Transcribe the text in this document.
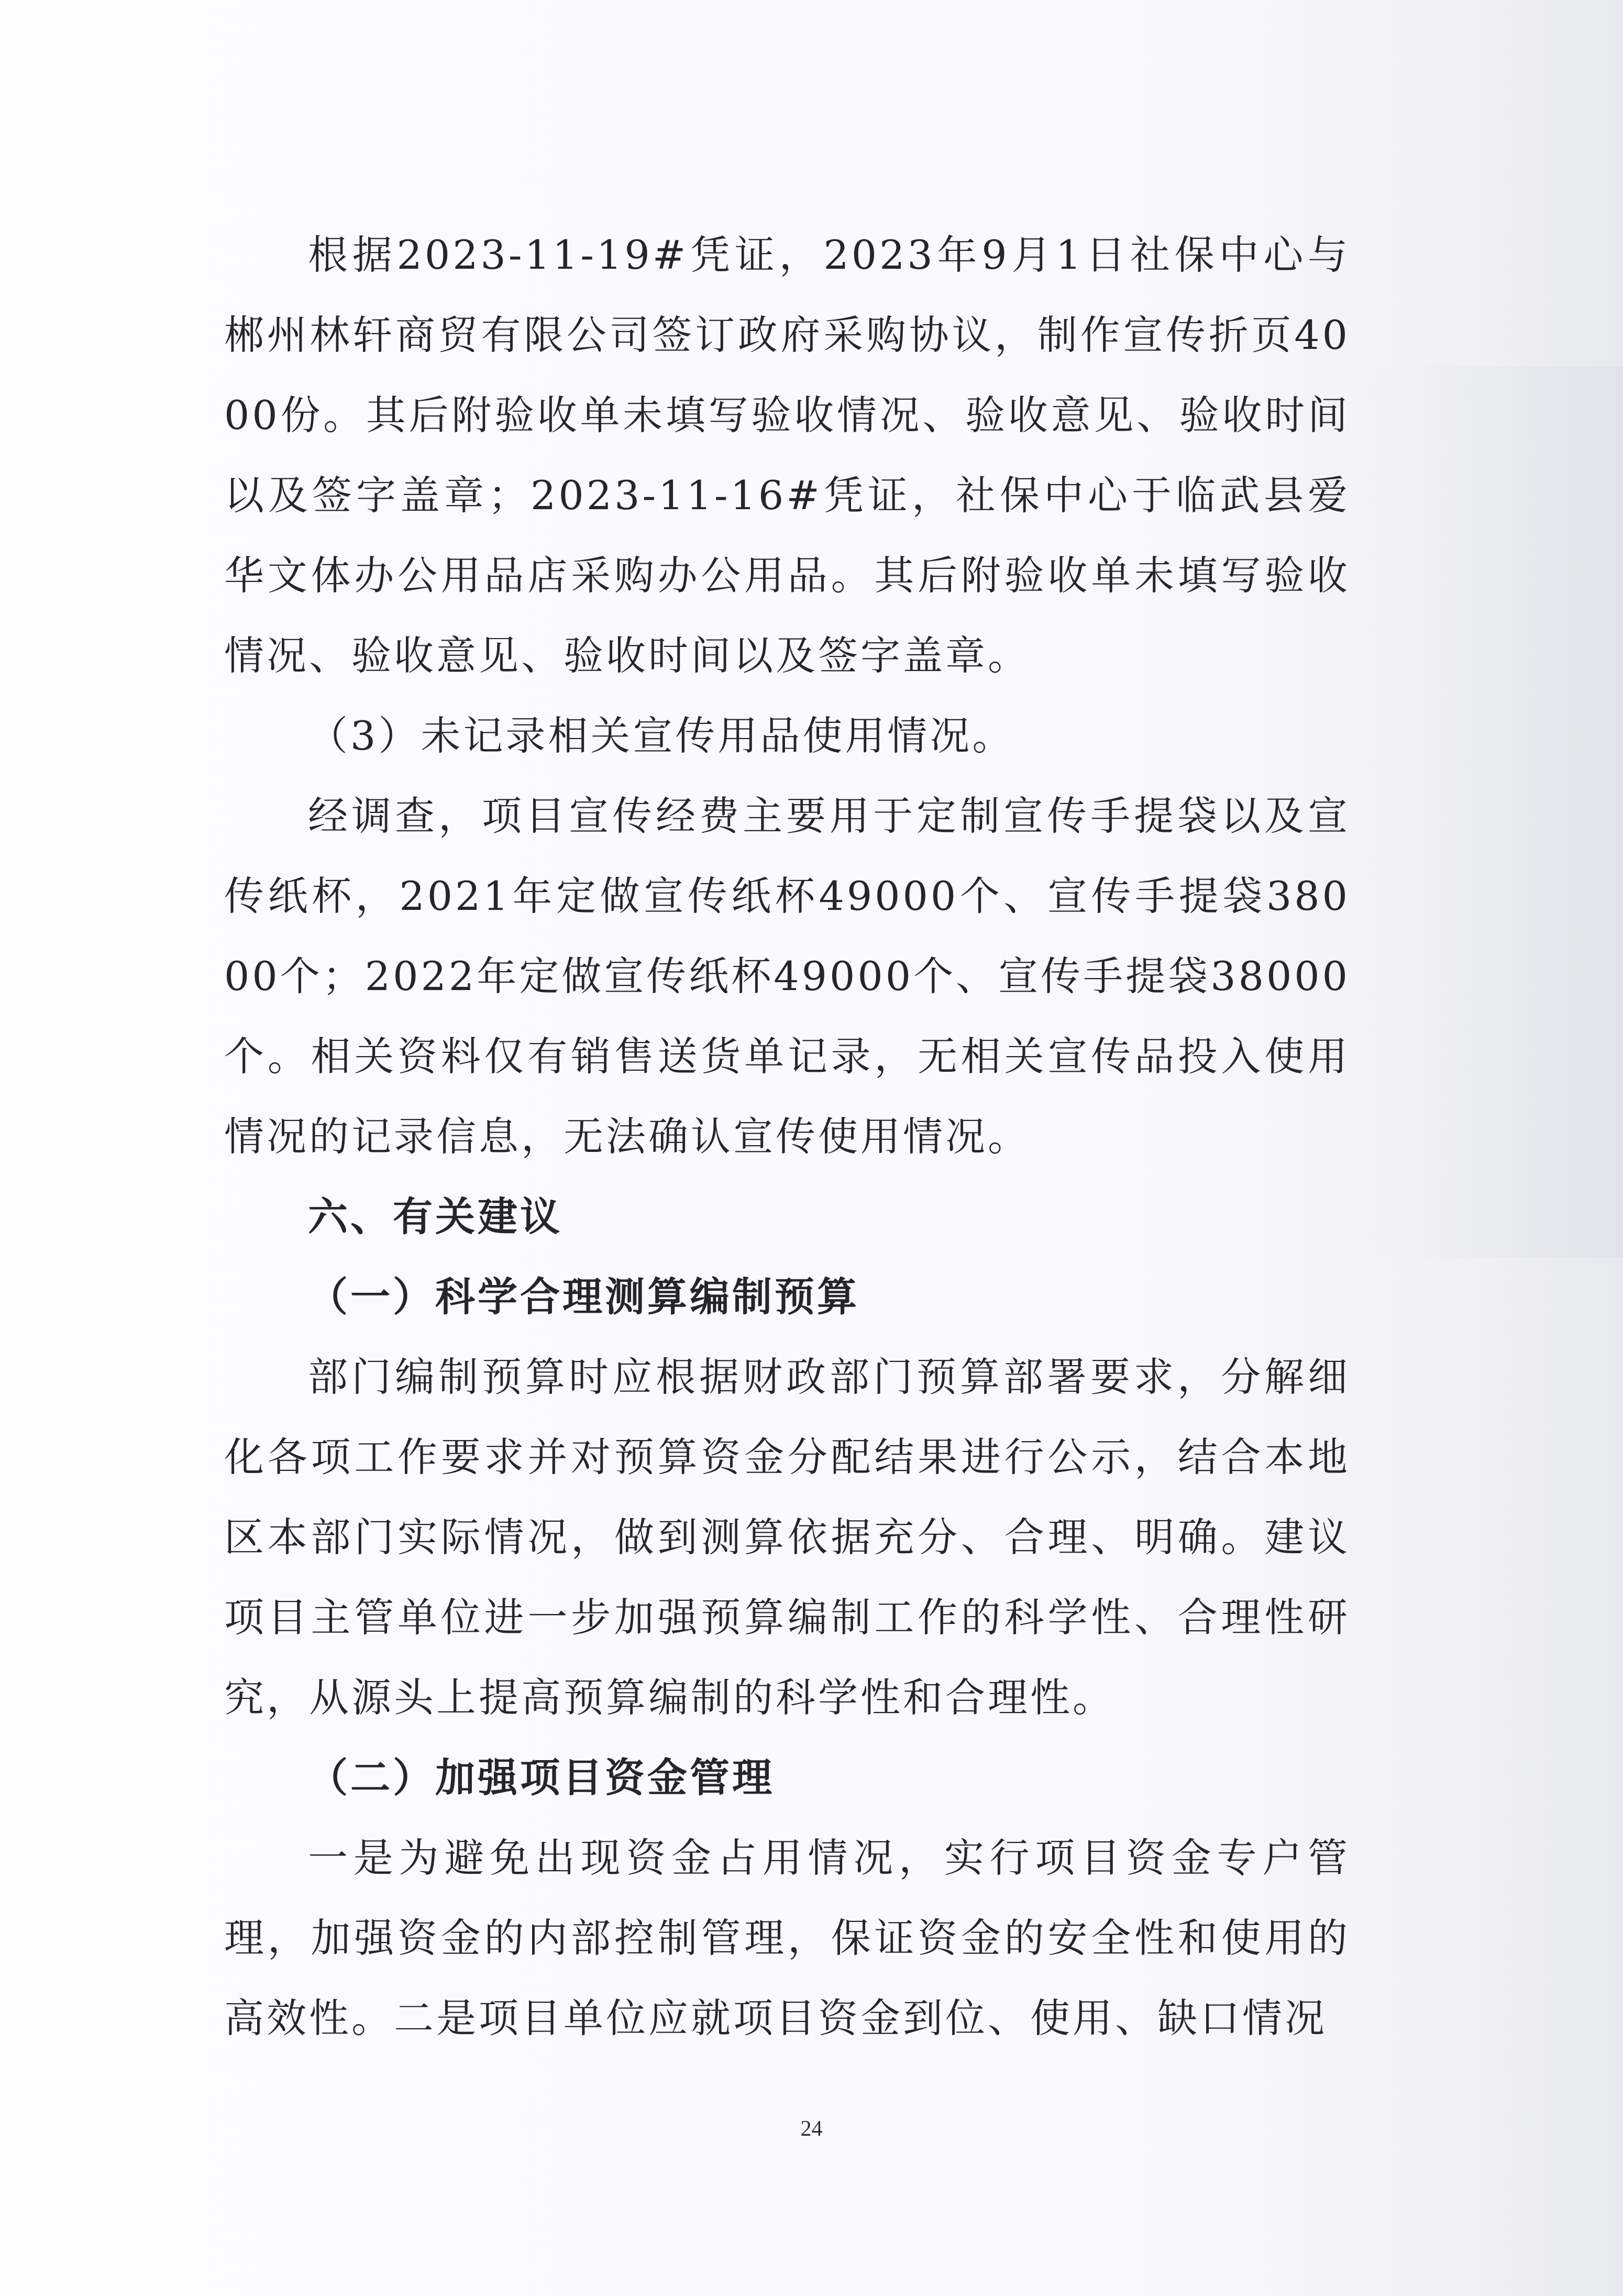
根据2023-11-19#凭证，2023年9月1日社保中心与郴州林轩商贸有限公司签订政府采购协议，制作宣传折页4000份。其后附验收单未填写验收情况、验收意见、验收时间以及签字盖章；2023-11-16#凭证，社保中心于临武县爱华文体办公用品店采购办公用品。其后附验收单未填写验收情况、验收意见、验收时间以及签字盖章。

（3）未记录相关宣传用品使用情况。

经调查，项目宣传经费主要用于定制宣传手提袋以及宣传纸杯，2021年定做宣传纸杯49000个、宣传手提袋38000个；2022年定做宣传纸杯49000个、宣传手提袋38000个。相关资料仅有销售送货单记录，无相关宣传品投入使用情况的记录信息，无法确认宣传使用情况。

六、有关建议

（一）科学合理测算编制预算

部门编制预算时应根据财政部门预算部署要求，分解细化各项工作要求并对预算资金分配结果进行公示，结合本地区本部门实际情况，做到测算依据充分、合理、明确。建议项目主管单位进一步加强预算编制工作的科学性、合理性研究，从源头上提高预算编制的科学性和合理性。

（二）加强项目资金管理

一是为避免出现资金占用情况，实行项目资金专户管理，加强资金的内部控制管理，保证资金的安全性和使用的高效性。二是项目单位应就项目资金到位、使用、缺口情况

24
